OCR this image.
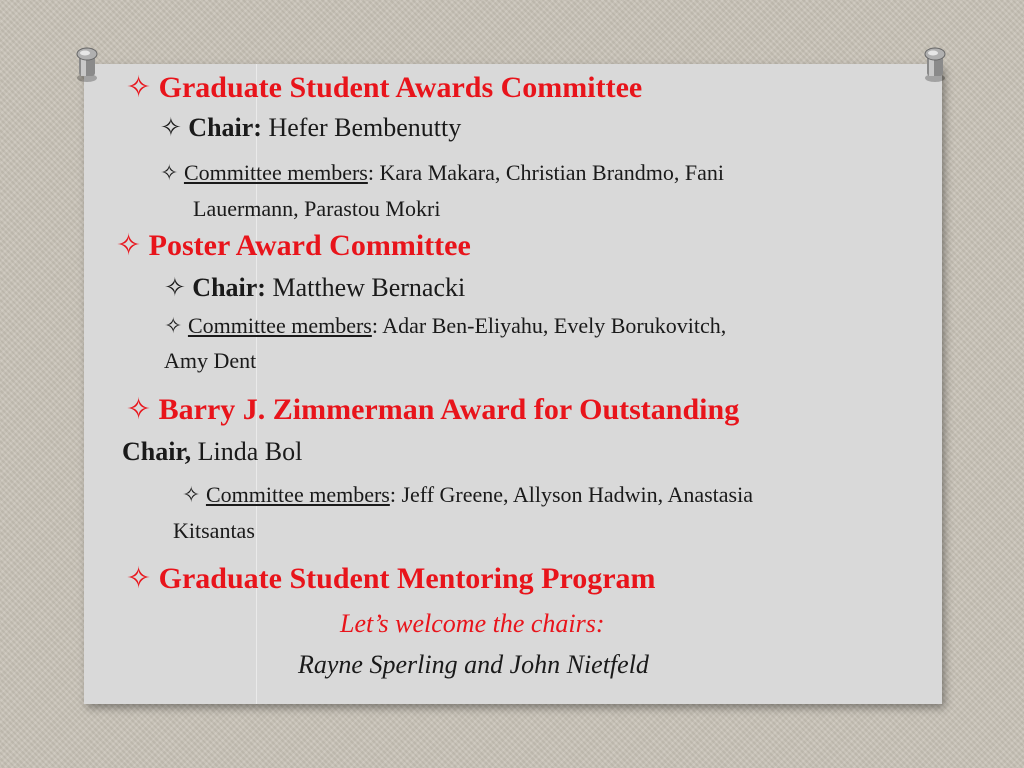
✧ Graduate Student Awards Committee
✧ Chair: Hefer Bembenutty
✧ Committee members: Kara Makara, Christian Brandmo, Fani
Lauermann, Parastou Mokri
✧ Poster Award Committee
✧ Chair: Matthew Bernacki
✧ Committee members: Adar Ben-Eliyahu, Evely Borukovitch,
Amy Dent
✧ Barry J. Zimmerman Award for Outstanding
Chair, Linda Bol
✧ Committee members: Jeff Greene, Allyson Hadwin, Anastasia
Kitsantas
✧ Graduate Student Mentoring Program
Let’s welcome the chairs:
Rayne Sperling and John Nietfeld
